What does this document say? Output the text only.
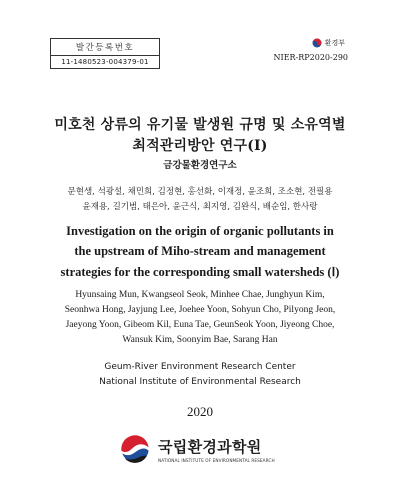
발간등록번호
11-1480523-004379-01
환경부
NIER-RP2020-290
미호천 상류의 유기물 발생원 규명 및 소유역별
최적관리방안 연구(Ⅰ)
금강물환경연구소
문현생, 석광설, 채민희, 김정현, 홍선화, 이재정, 윤조희, 조소현, 전필용
윤재용, 길기범, 태은아, 윤근식, 최지영, 김완식, 배순임, 한사랑
Investigation on the origin of organic pollutants in
the upstream of Miho-stream and management
strategies for the corresponding small watersheds (Ⅰ)
Hyunsaing Mun, Kwangseol Seok, Minhee Chae, Junghyun Kim,
Seonhwa Hong, Jayjung Lee, Joehee Yoon, Sohyun Cho, Pilyong Jeon,
Jaeyong Yoon, Gibeom Kil, Euna Tae, GeunSeok Yoon, Jiyeong Choe,
Wansuk Kim, Soonyim Bae, Sarang Han
Geum-River Environment Research Center
National Institute of Environmental Research
2020
국립환경과학원
NATIONAL INSTITUTE OF ENVIRONMENTAL RESEARCH
